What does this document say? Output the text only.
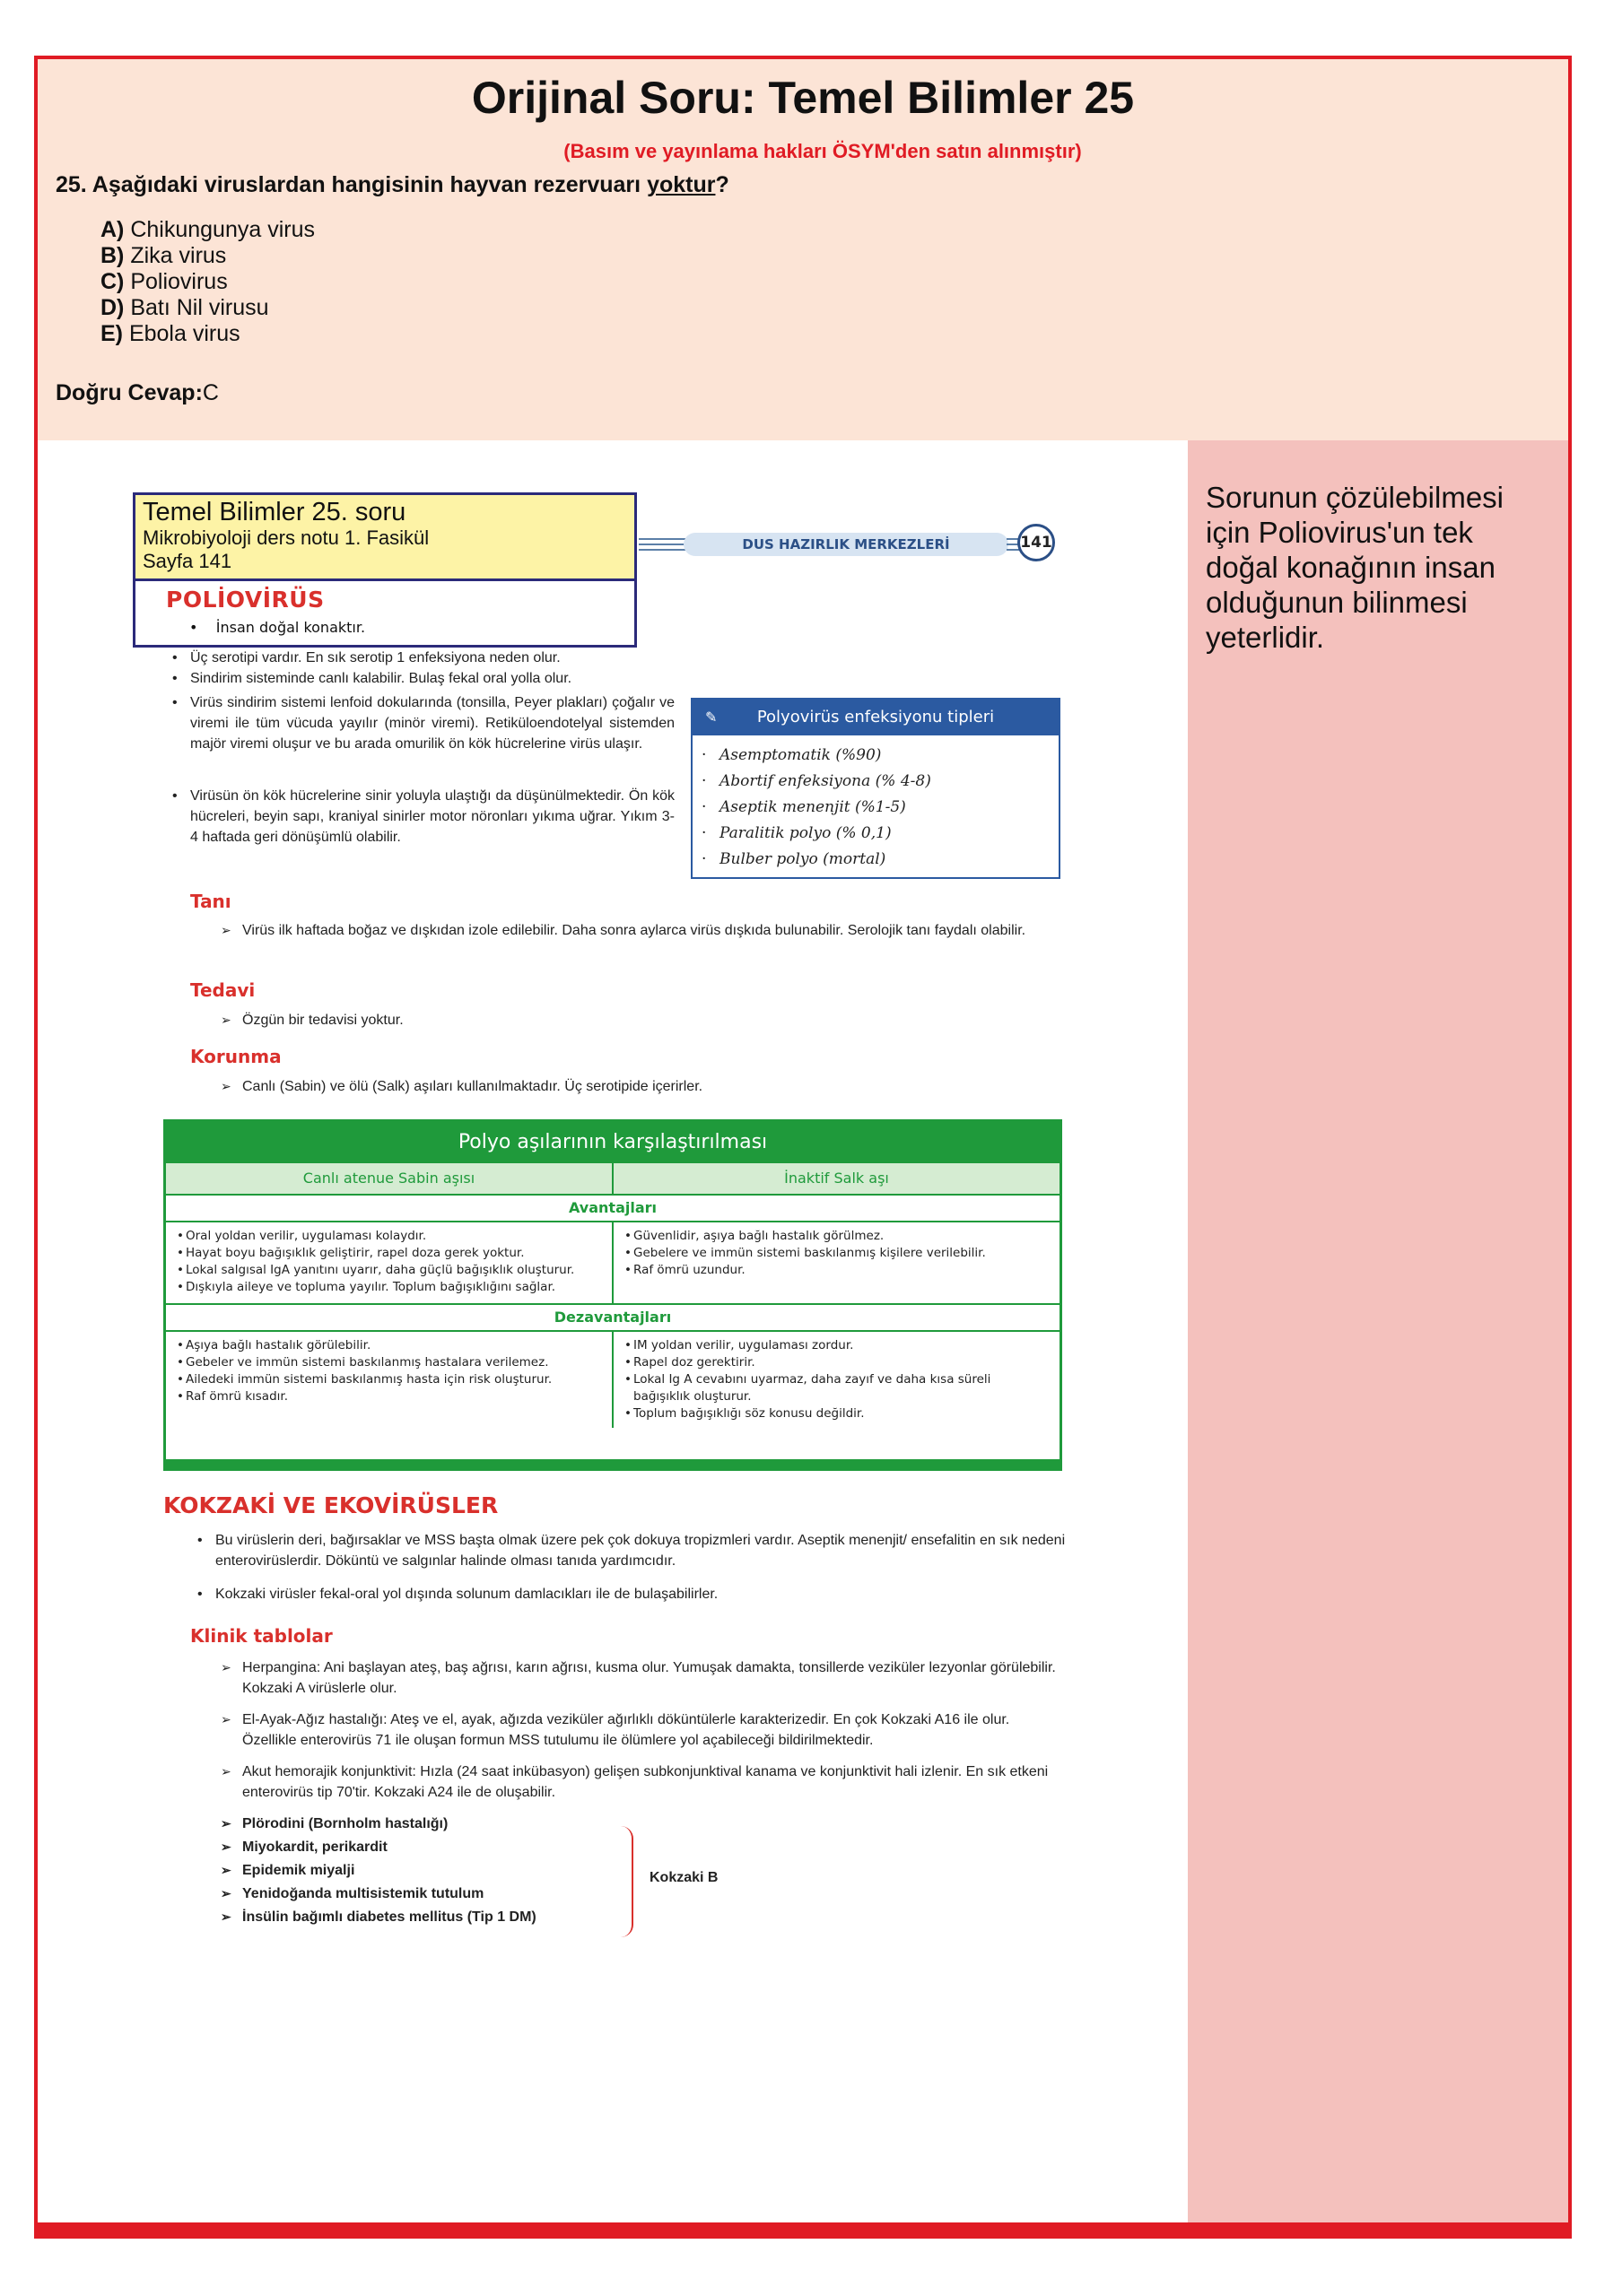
Orijinal Soru: Temel Bilimler 25
(Basım ve yayınlama hakları ÖSYM'den satın alınmıştır)
25. Aşağıdaki viruslardan hangisinin hayvan rezervuarı yoktur?
A) Chikungunya virus
B) Zika virus
C) Poliovirus
D) Batı Nil virusu
E) Ebola virus
Doğru Cevap:C
Sorunun çözülebilmesi için Poliovirus'un tek doğal konağının insan olduğunun bilinmesi yeterlidir.
DUS HAZIRLIK MERKEZLERİ	141
Temel Bilimler 25. soru
Mikrobiyoloji ders notu 1. Fasikül
Sayfa 141
POLİOVİRÜS
•    İnsan doğal konaktır.
• Üç serotipi vardır. En sık serotip 1 enfeksiyona neden olur.
• Sindirim sisteminde canlı kalabilir. Bulaş fekal oral yolla olur.
• Virüs sindirim sistemi lenfoid dokularında (tonsilla, Peyer plakları) çoğalır ve viremi ile tüm vücuda yayılır (minör viremi). Retiküloendotelyal sistemden majör viremi oluşur ve bu arada omurilik ön kök hücrelerine virüs ulaşır.
• Virüsün ön kök hücrelerine sinir yoluyla ulaştığı da düşünülmektedir. Ön kök hücreleri, beyin sapı, kraniyal sinirler motor nöronları yıkıma uğrar. Yıkım 3-4 haftada geri dönüşümlü olabilir.
✎ Polyovirüs enfeksiyonu tipleri
· Asemptomatik (%90)
· Abortif enfeksiyona (% 4-8)
· Aseptik menenjit (%1-5)
· Paralitik polyo (% 0,1)
· Bulber polyo (mortal)
Tanı
➢ Virüs ilk haftada boğaz ve dışkıdan izole edilebilir. Daha sonra aylarca virüs dışkıda bulunabilir. Serolojik tanı faydalı olabilir.
Tedavi
➢ Özgün bir tedavisi yoktur.
Korunma
➢ Canlı (Sabin) ve ölü (Salk) aşıları kullanılmaktadır. Üç serotipide içerirler.
Polyo aşılarının karşılaştırılması
Canlı atenue Sabin aşısı	İnaktif Salk aşı
Avantajları
• Oral yoldan verilir, uygulaması kolaydır.
• Hayat boyu bağışıklık geliştirir, rapel doza gerek yoktur.
• Lokal salgısal IgA yanıtını uyarır, daha güçlü bağışıklık oluşturur.
• Dışkıyla aileye ve topluma yayılır. Toplum bağışıklığını sağlar.
• Güvenlidir, aşıya bağlı hastalık görülmez.
• Gebelere ve immün sistemi baskılanmış kişilere verilebilir.
• Raf ömrü uzundur.
Dezavantajları
• Aşıya bağlı hastalık görülebilir.
• Gebeler ve immün sistemi baskılanmış hastalara verilemez.
• Ailedeki immün sistemi baskılanmış hasta için risk oluşturur.
• Raf ömrü kısadır.
• IM yoldan verilir, uygulaması zordur.
• Rapel doz gerektirir.
• Lokal Ig A cevabını uyarmaz, daha zayıf ve daha kısa süreli bağışıklık oluşturur.
• Toplum bağışıklığı söz konusu değildir.
KOKZAKİ VE EKOVİRÜSLER
• Bu virüslerin deri, bağırsaklar ve MSS başta olmak üzere pek çok dokuya tropizmleri vardır. Aseptik menenjit/ ensefalitin en sık nedeni enterovirüslerdir. Döküntü ve salgınlar halinde olması tanıda yardımcıdır.
• Kokzaki virüsler fekal-oral yol dışında solunum damlacıkları ile de bulaşabilirler.
Klinik tablolar
➢ Herpangina: Ani başlayan ateş, baş ağrısı, karın ağrısı, kusma olur. Yumuşak damakta, tonsillerde veziküler lezyonlar görülebilir. Kokzaki A virüslerle olur.
➢ El-Ayak-Ağız hastalığı: Ateş ve el, ayak, ağızda veziküler ağırlıklı döküntülerle karakterizedir. En çok Kokzaki A16 ile olur. Özellikle enterovirüs 71 ile oluşan formun MSS tutulumu ile ölümlere yol açabileceği bildirilmektedir.
➢ Akut hemorajik konjunktivit: Hızla (24 saat inkübasyon) gelişen subkonjunktival kanama ve konjunktivit hali izlenir. En sık etkeni enterovirüs tip 70'tir. Kokzaki A24 ile de oluşabilir.
➢ Plörodini (Bornholm hastalığı)
➢ Miyokardit, perikardit
➢ Epidemik miyalji
➢ Yenidoğanda multisistemik tutulum
➢ İnsülin bağımlı diabetes mellitus (Tip 1 DM)
Kokzaki B
